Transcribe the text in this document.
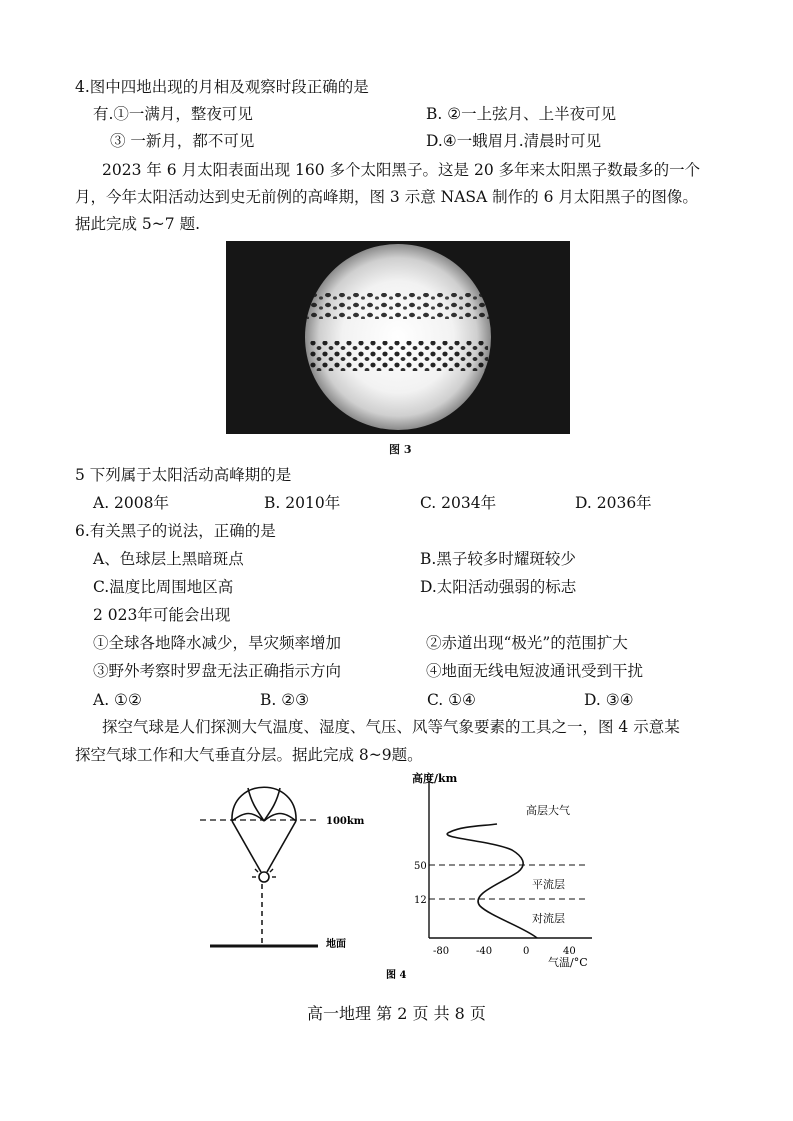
4.图中四地出现的月相及观察时段正确的是
有.①一满月，整夜可见	B. ②一上弦月、上半夜可见
③ 一新月，都不可见	D.④一蛾眉月.清晨时可见
2023 年 6 月太阳表面出现 160 多个太阳黑子。这是 20 多年来太阳黑子数最多的一个
月，今年太阳活动达到史无前例的高峰期，图 3 示意 NASA 制作的 6 月太阳黑子的图像。
据此完成 5~7 题.
图 3
5 下列属于太阳活动高峰期的是
A. 2008年	B. 2010年	C. 2034年	D. 2036年
6.有关黑子的说法，正确的是
A、色球层上黑暗斑点	B.黑子较多时耀斑较少
C.温度比周围地区高	D.太阳活动强弱的标志
2 023年可能会出现
①全球各地降水减少，旱灾频率增加	②赤道出现“极光”的范围扩大
③野外考察时罗盘无法正确指示方向	④地面无线电短波通讯受到干扰
A. ①②	B. ②③	C. ①④	D. ③④
探空气球是人们探测大气温度、湿度、气压、风等气象要素的工具之一，图 4 示意某
探空气球工作和大气垂直分层。据此完成 8~9题。
100km
地面
高度/km
气温/°C
50
12
-80	-40	0	40
高层大气
平流层
对流层
图 4
高一地理 第 2 页 共 8 页
